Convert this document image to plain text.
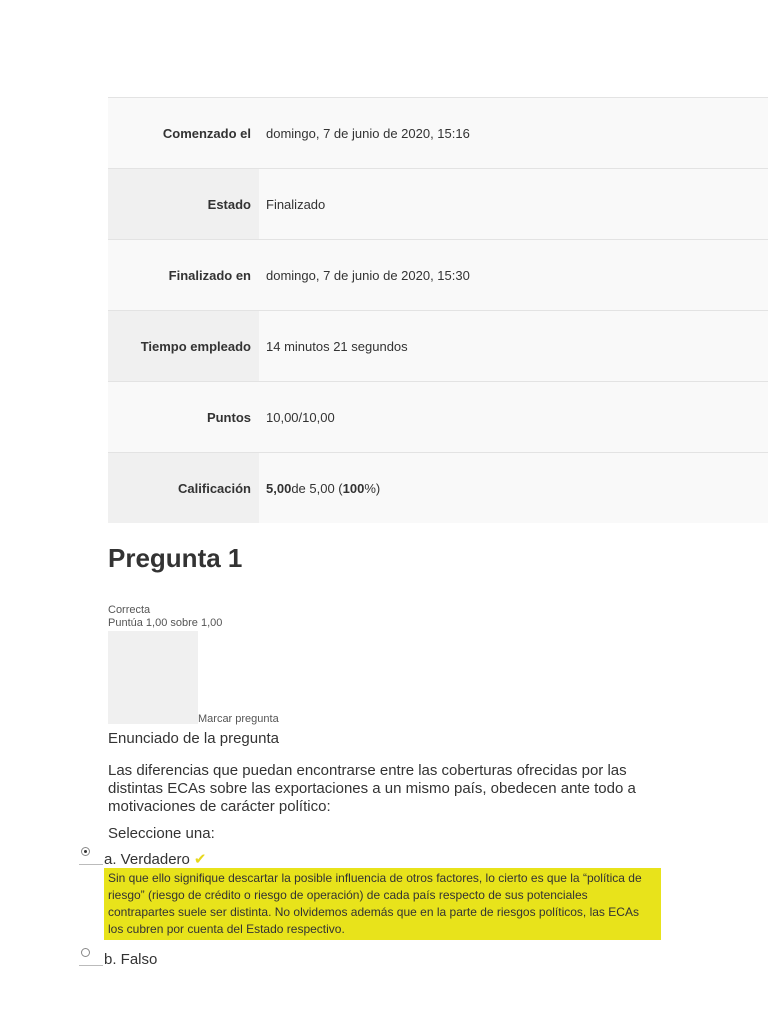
Comenzado el	domingo, 7 de junio de 2020, 15:16
Estado	Finalizado
Finalizado en	domingo, 7 de junio de 2020, 15:30
Tiempo empleado	14 minutos 21 segundos
Puntos	10,00/10,00
Calificación	5,00 de 5,00 ( 100 %)
Pregunta 1
Correcta
Puntúa 1,00 sobre 1,00
Marcar pregunta
Enunciado de la pregunta
Las diferencias que puedan encontrarse entre las coberturas ofrecidas por las distintas ECAs sobre las exportaciones a un mismo país, obedecen ante todo a motivaciones de carácter político:
Seleccione una:
a. Verdadero ✔
Sin que ello signifique descartar la posible influencia de otros factores, lo cierto es que la “política de riesgo” (riesgo de crédito o riesgo de operación) de cada país respecto de sus potenciales contrapartes suele ser distinta. No olvidemos además que en la parte de riesgos políticos, las ECAs los cubren por cuenta del Estado respectivo.
b. Falso
